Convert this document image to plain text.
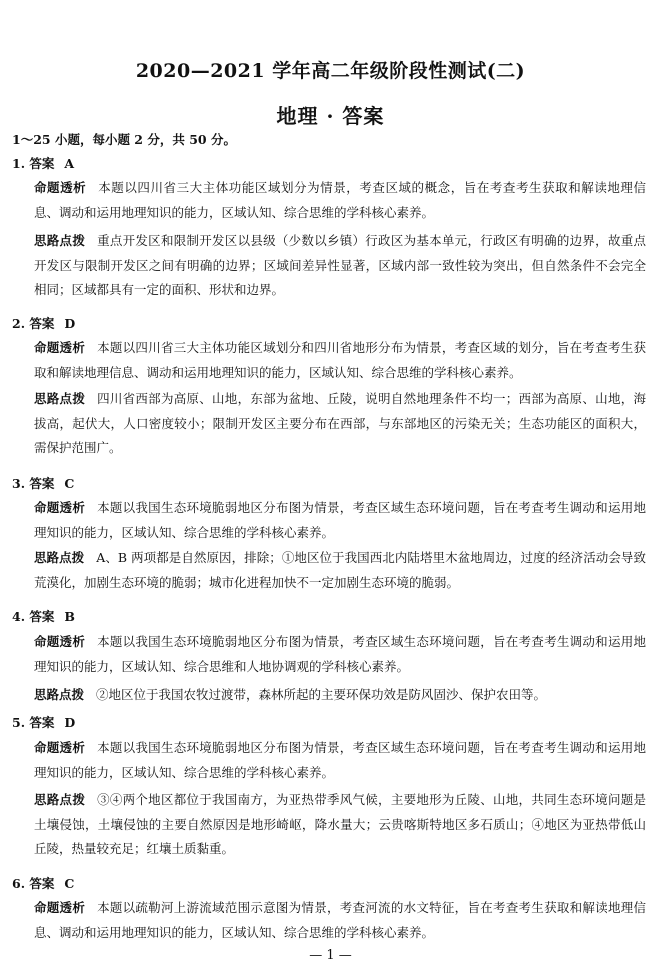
2020—2021 学年高二年级阶段性测试(二)
地理 · 答案
1～25 小题，每小题 2 分，共 50 分。
1. 答案 A
命题透析 本题以四川省三大主体功能区域划分为情景，考查区域的概念，旨在考查考生获取和解读地理信息、调动和运用地理知识的能力，区域认知、综合思维的学科核心素养。
思路点拨 重点开发区和限制开发区以县级（少数以乡镇）行政区为基本单元，行政区有明确的边界，故重点开发区与限制开发区之间有明确的边界；区域间差异性显著，区域内部一致性较为突出，但自然条件不会完全相同；区域都具有一定的面积、形状和边界。
2. 答案 D
命题透析 本题以四川省三大主体功能区域划分和四川省地形分布为情景，考查区域的划分，旨在考查考生获取和解读地理信息、调动和运用地理知识的能力，区域认知、综合思维的学科核心素养。
思路点拨 四川省西部为高原、山地，东部为盆地、丘陵，说明自然地理条件不均一；西部为高原、山地，海拔高，起伏大，人口密度较小；限制开发区主要分布在西部，与东部地区的污染无关；生态功能区的面积大，需保护范围广。
3. 答案 C
命题透析 本题以我国生态环境脆弱地区分布图为情景，考查区域生态环境问题，旨在考查考生调动和运用地理知识的能力，区域认知、综合思维的学科核心素养。
思路点拨 A、B 两项都是自然原因，排除；①地区位于我国西北内陆塔里木盆地周边，过度的经济活动会导致荒漠化，加剧生态环境的脆弱；城市化进程加快不一定加剧生态环境的脆弱。
4. 答案 B
命题透析 本题以我国生态环境脆弱地区分布图为情景，考查区域生态环境问题，旨在考查考生调动和运用地理知识的能力，区域认知、综合思维和人地协调观的学科核心素养。
思路点拨 ②地区位于我国农牧过渡带，森林所起的主要环保功效是防风固沙、保护农田等。
5. 答案 D
命题透析 本题以我国生态环境脆弱地区分布图为情景，考查区域生态环境问题，旨在考查考生调动和运用地理知识的能力，区域认知、综合思维的学科核心素养。
思路点拨 ③④两个地区都位于我国南方，为亚热带季风气候，主要地形为丘陵、山地，共同生态环境问题是土壤侵蚀，土壤侵蚀的主要自然原因是地形崎岖，降水量大；云贵喀斯特地区多石质山；④地区为亚热带低山丘陵，热量较充足；红壤土质黏重。
6. 答案 C
命题透析 本题以疏勒河上游流域范围示意图为情景，考查河流的水文特征，旨在考查考生获取和解读地理信息、调动和运用地理知识的能力，区域认知、综合思维的学科核心素养。
— 1 —
